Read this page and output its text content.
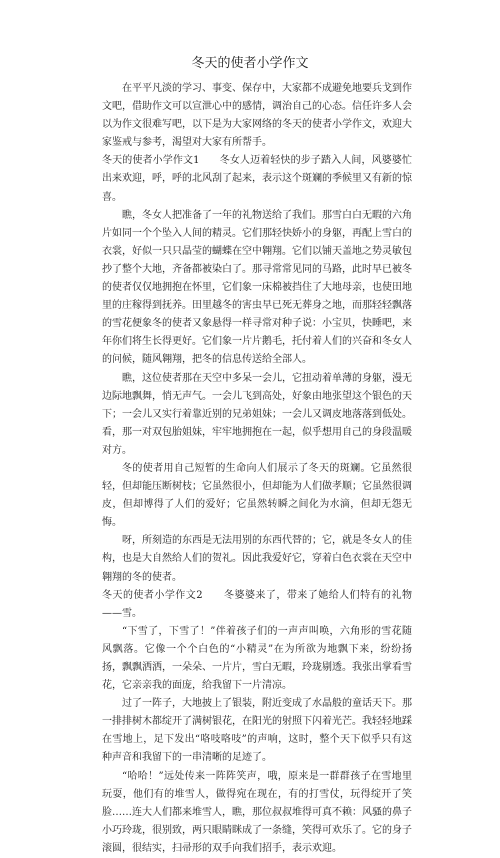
冬天的使者小学作文

在平平凡淡的学习、事变、保存中，大家都不成避免地要兵戈到作文吧，借助作文可以宣泄心中的感情，调治自己的心态。信任许多人会以为作文很难写吧，以下是为大家网络的冬天的使者小学作文，欢迎大家鉴戒与参考，渴望对大家有所帮手。

冬天的使者小学作文1　　冬女人迈着轻快的步子踏入人间，风婆婆忙出来欢迎，呼，呼的北风刮了起来，表示这个斑斓的季候里又有新的惊喜。

瞧，冬女人把准备了一年的礼物送给了我们。那雪白白无暇的六角片如同一个个坠入人间的精灵。它们那轻快娇小的身躯，再配上雪白的衣裳，好似一只只晶莹的蝴蝶在空中翱翔。它们以铺天盖地之势灵敏包抄了整个大地，齐备都被染白了。那寻常常见同的马路，此时早已被冬的使者仅仅地拥抱在怀里，它们象一床棉被挡住了大地母亲，也使田地里的庄稼得到抚养。田里越冬的害虫早已死无葬身之地，而那轻轻飘落的雪花便象冬的使者又象悬得一样寻常对种子说：小宝贝，快睡吧，来年你们将生长得更好。它们象一片片鹅毛，托付着人们的兴奋和冬女人的问候，随风翱翔，把冬的信息传送给全部人。

瞧，这位使者那在天空中多呆一会儿，它扭动着单薄的身躯，漫无边际地飘舞，悄无声气。一会儿飞到高处，好象由地张望这个银色的天下；一会儿又实行着靠近别的兄弟姐妹；一会儿又调皮地落落到低处。看，那一对双包胎姐妹，牢牢地拥抱在一起，似乎想用自己的身段温暖对方。

冬的使者用自己短暂的生命向人们展示了冬天的斑斓。它虽然很轻，但却能压断树枝；它虽然很小，但却能为人们做孝顺；它虽然很调皮，但却博得了人们的爱好；它虽然转瞬之间化为水滴，但却无怨无悔。

呀，所刻造的东西是无法用别的东西代替的；它，就是冬女人的佳构，也是大自然给人们的贺礼。因此我爱好它，穿着白色衣裳在天空中翱翔的冬的使者。

冬天的使者小学作文2　　冬婆婆来了，带来了她给人们特有的礼物——雪。

“下雪了，下雪了！”伴着孩子们的一声声叫唤，六角形的雪花随风飘落。它像一个个白色的“小精灵”在为所欲为地飘下来，纷纷扬扬，飘飘洒洒，一朵朵、一片片，雪白无暇，玲珑剔透。我张出掌看雪花，它亲亲我的面庞，给我留下一片清凉。

过了一阵子，大地披上了银装，附近变成了水晶般的童话天下。那一排排树木都绽开了满树银花，在阳光的射照下闪着光芒。我轻轻地踩在雪地上，足下发出“咯吱咯吱”的声响，这时，整个天下似乎只有这种声音和我留下的一串清晰的足迹了。

“哈哈！”远处传来一阵阵笑声，哦，原来是一群群孩子在雪地里玩耍，他们有的堆雪人，做得宛在现在，有的打雪仗，玩得绽开了笑脸……连大人们都来堆雪人，瞧，那位叔叔堆得可真不赖：风骚的鼻子小巧玲珑，很别致，两只眼睛眯成了一条缝，笑得可欢乐了。它的身子滚圆，很结实，扫帚形的双手向我们招手，表示欢迎。
